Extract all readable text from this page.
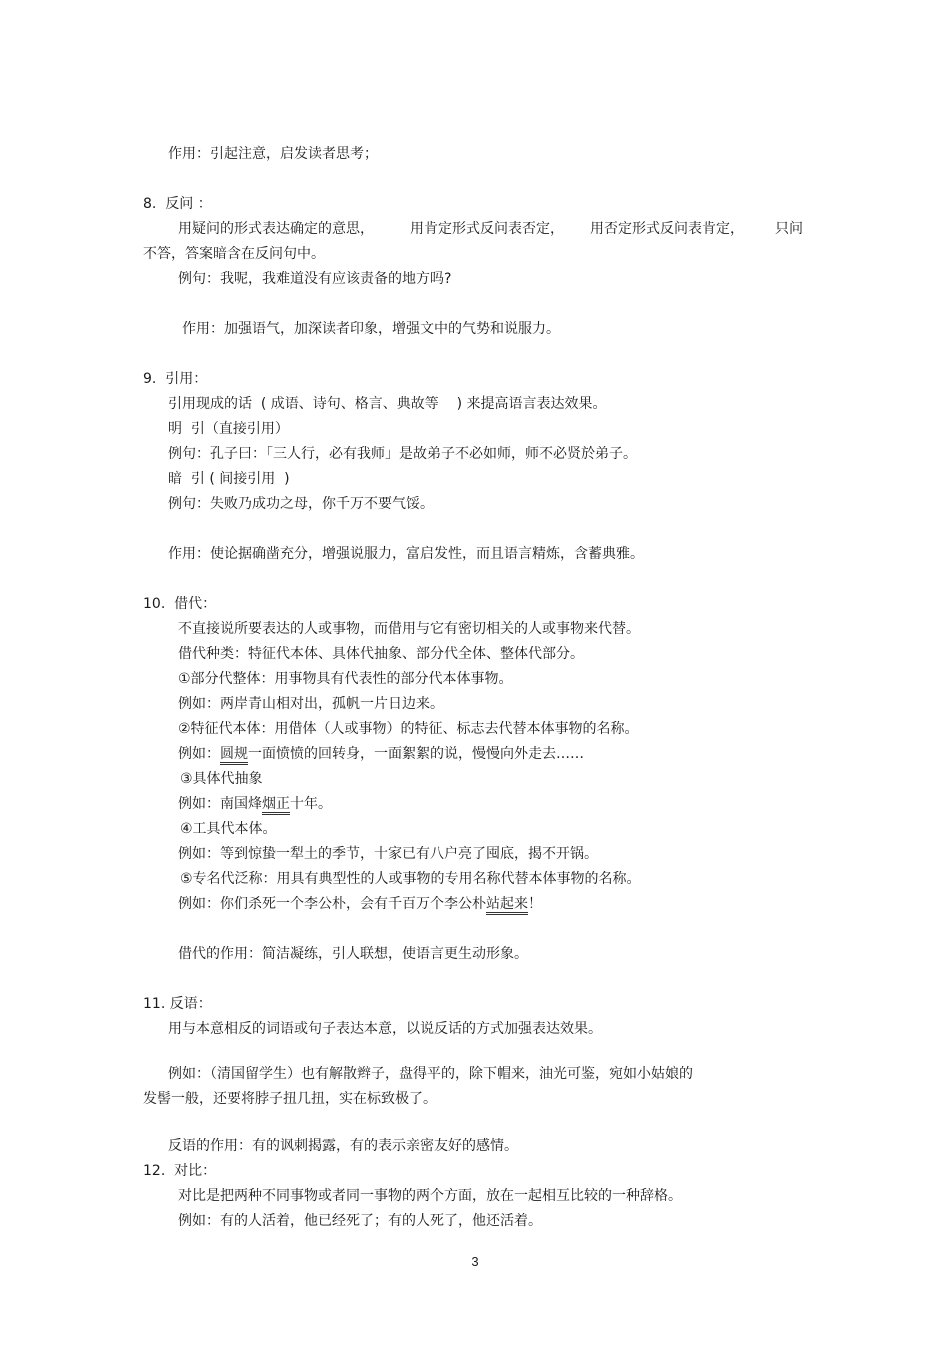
作用：引起注意，启发读者思考；
8.  反问 ：
用疑问的形式表达确定的意思，	用肯定形式反问表否定， 用否定形式反问表肯定， 只问
不答，答案暗含在反问句中。
例句：我呢，我难道没有应该责备的地方吗?
作用：加强语气，加深读者印象，增强文中的气势和说服力。
9.  引用：
引用现成的话  ( 成语、诗句、格言、典故等    ) 来提高语言表达效果。
明  引（直接引用）
例句：孔子曰：「三人行，必有我师」是故弟子不必如师，师不必贤於弟子。
暗  引 ( 间接引用  )
例句：失败乃成功之母，你千万不要气馁。
作用：使论据确凿充分，增强说服力，富启发性，而且语言精炼，含蓄典雅。
10.  借代：
不直接说所要表达的人或事物，而借用与它有密切相关的人或事物来代替。
借代种类：特征代本体、具体代抽象、部分代全体、整体代部分。
①部分代整体：用事物具有代表性的部分代本体事物。
例如：两岸青山相对出，孤帆一片日边来。
②特征代本体：用借体（人或事物）的特征、标志去代替本体事物的名称。
例如：圆规一面愤愤的回转身，一面絮絮的说，慢慢向外走去……
③具体代抽象
例如：南国烽烟正十年。
④工具代本体。
例如：等到惊蛰一犁土的季节，十家已有八户亮了囤底，揭不开锅。
⑤专名代泛称：用具有典型性的人或事物的专用名称代替本体事物的名称。
例如：你们杀死一个李公朴，会有千百万个李公朴站起来！
借代的作用：简洁凝练，引人联想，使语言更生动形象。
11. 反语：
用与本意相反的词语或句子表达本意，以说反话的方式加强表达效果。
例如：（清国留学生）也有解散辫子，盘得平的，除下帽来，油光可鉴，宛如小姑娘的
发髻一般，还要将脖子扭几扭，实在标致极了。
反语的作用：有的讽刺揭露，有的表示亲密友好的感情。
12.  对比：
对比是把两种不同事物或者同一事物的两个方面，放在一起相互比较的一种辞格。
例如：有的人活着，他已经死了；有的人死了，他还活着。
3
